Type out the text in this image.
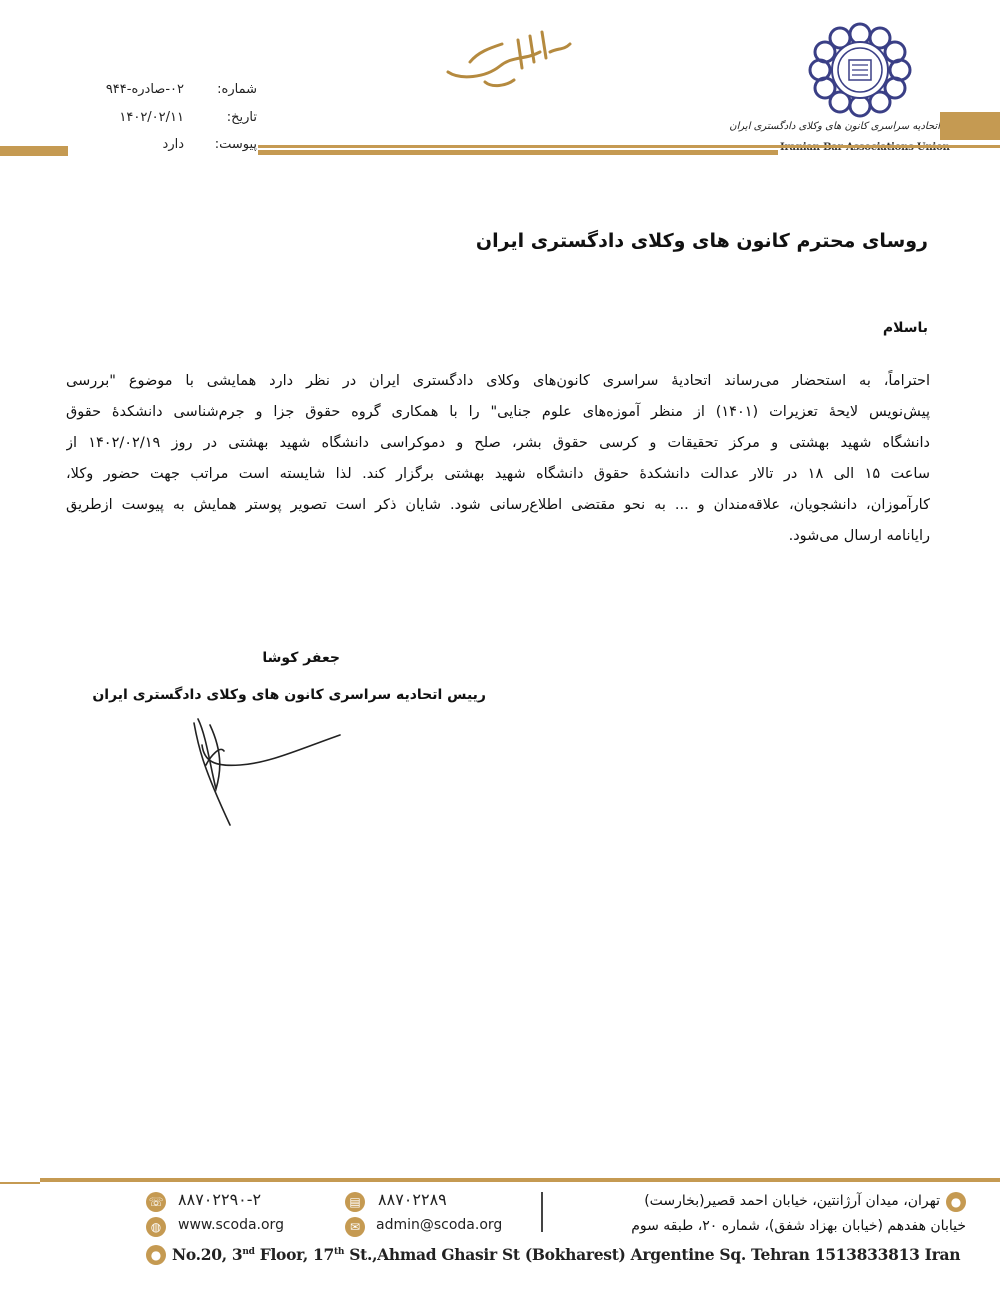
اتحادیه سراسری کانون های وکلای دادگستری ایران
شماره:
۰۲-صادره-۹۴۴
تاریخ:
۱۴۰۲/۰۲/۱۱
پیوست:
دارد
روسای محترم کانون های وکلای دادگستری ایران
باسلام
احتراماً، به استحضار می‌رساند اتحادیهٔ سراسری کانون‌های وکلای دادگستری ایران در نظر دارد همایشی با موضوع "بررسی
پیش‌نویس لایحهٔ تعزیرات (۱۴۰۱) از منظر آموزه‌های علوم جنایی" را با همکاری گروه حقوق جزا و جرم‌شناسی دانشکدهٔ حقوق
دانشگاه شهید بهشتی و مرکز تحقیقات و کرسی حقوق بشر، صلح و دموکراسی دانشگاه شهید بهشتی در روز ۱۴۰۲/۰۲/۱۹ از
ساعت ۱۵ الی ۱۸ در تالار عدالت دانشکدهٔ حقوق دانشگاه شهید بهشتی برگزار کند. لذا شایسته است مراتب جهت حضور وکلا،
کارآموزان، دانشجویان، علاقه‌مندان و ... به نحو مقتضی اطلاع‌رسانی شود. شایان ذکر است تصویر پوستر همایش به پیوست از‌طریق
رایانامه ارسال می‌شود.
جعفر کوشا
رییس اتحادیه سراسری کانون های وکلای دادگستری ایران
☏ ۸۸۷۰۲۲۹۰-۲	▤ ۸۸۷۰۲۲۸۹
◍	www.scoda.org	✉	admin@scoda.org
●
تهران، میدان آرژانتین، خیابان احمد قصیر(بخارست)
خیابان هفدهم (خیابان بهزاد شفق)، شماره ۲۰، طبقه سوم
● No.20, 3nd Floor, 17th St.,Ahmad Ghasir St (Bokharest) Argentine Sq. Tehran 1513833813 Iran
